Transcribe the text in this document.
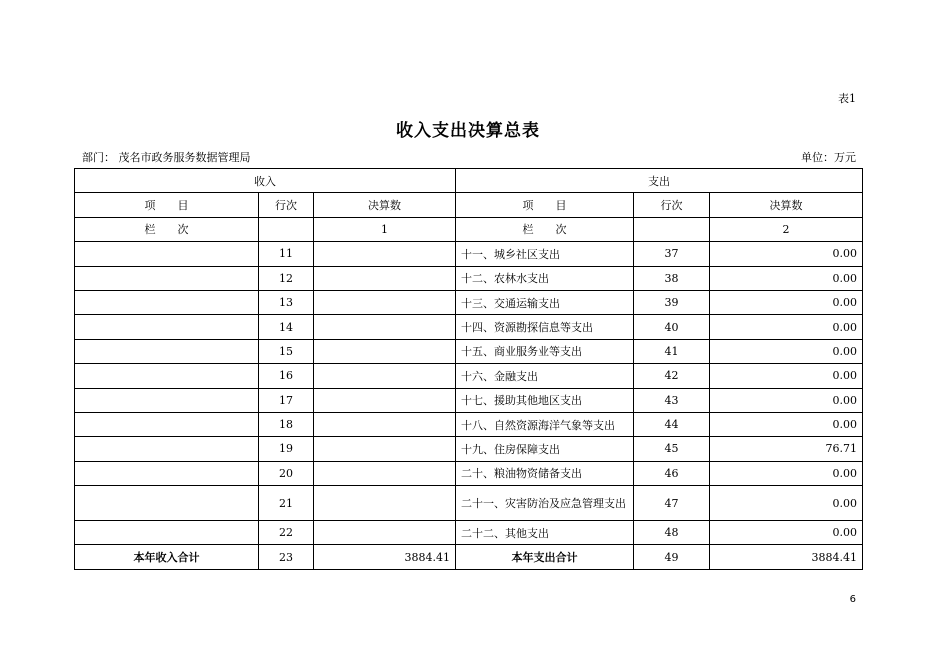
表1
收入支出决算总表
部门： 茂名市政务服务数据管理局	单位：万元
收入			支出		
项　　目	行次	决算数	项　　目	行次	决算数
栏　　次		1	栏　　次		2
	11		十一、城乡社区支出	37	0.00
	12		十二、农林水支出	38	0.00
	13		十三、交通运输支出	39	0.00
	14		十四、资源勘探信息等支出	40	0.00
	15		十五、商业服务业等支出	41	0.00
	16		十六、金融支出	42	0.00
	17		十七、援助其他地区支出	43	0.00
	18		十八、自然资源海洋气象等支出	44	0.00
	19		十九、住房保障支出	45	76.71
	20		二十、粮油物资储备支出	46	0.00
	21		二十一、灾害防治及应急管理支出	47	0.00
	22		二十二、其他支出	48	0.00
本年收入合计	23	3884.41	本年支出合计	49	3884.41
6
